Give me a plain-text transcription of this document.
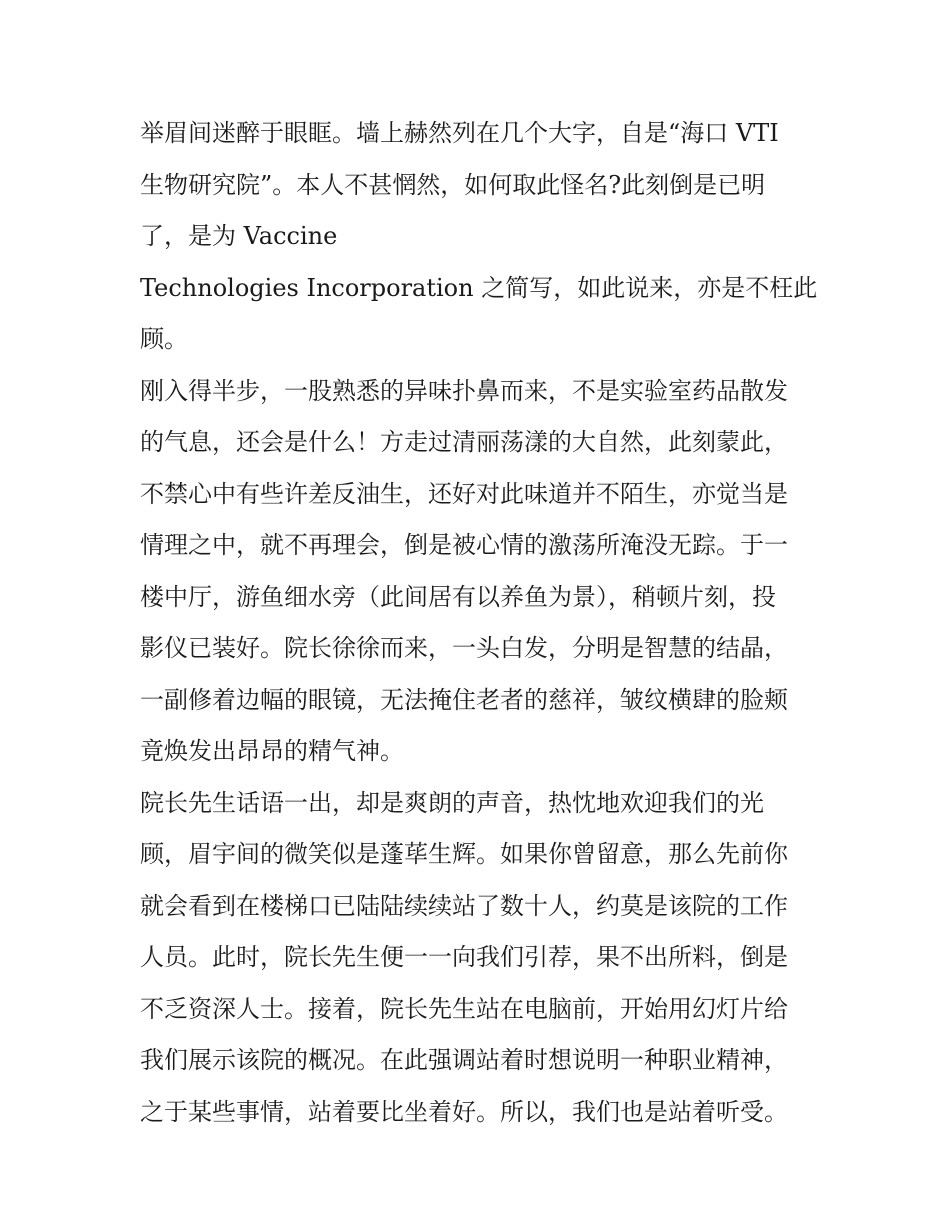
举眉间迷醉于眼眶。墙上赫然列在几个大字，自是“海口 VTI
生物研究院”。本人不甚惘然，如何取此怪名?此刻倒是已明
了，是为 Vaccine
Technologies Incorporation 之简写，如此说来，亦是不枉此
顾。
刚入得半步，一股熟悉的异味扑鼻而来，不是实验室药品散发
的气息，还会是什么！方走过清丽荡漾的大自然，此刻蒙此，
不禁心中有些许差反油生，还好对此味道并不陌生，亦觉当是
情理之中，就不再理会，倒是被心情的激荡所淹没无踪。于一
楼中厅，游鱼细水旁（此间居有以养鱼为景），稍顿片刻，投
影仪已装好。院长徐徐而来，一头白发，分明是智慧的结晶，
一副修着边幅的眼镜，无法掩住老者的慈祥，皱纹横肆的脸颊
竟焕发出昂昂的精气神。
院长先生话语一出，却是爽朗的声音，热忱地欢迎我们的光
顾，眉宇间的微笑似是蓬荜生辉。如果你曾留意，那么先前你
就会看到在楼梯口已陆陆续续站了数十人，约莫是该院的工作
人员。此时，院长先生便一一向我们引荐，果不出所料，倒是
不乏资深人士。接着，院长先生站在电脑前，开始用幻灯片给
我们展示该院的概况。在此强调站着时想说明一种职业精神，
之于某些事情，站着要比坐着好。所以，我们也是站着听受。
